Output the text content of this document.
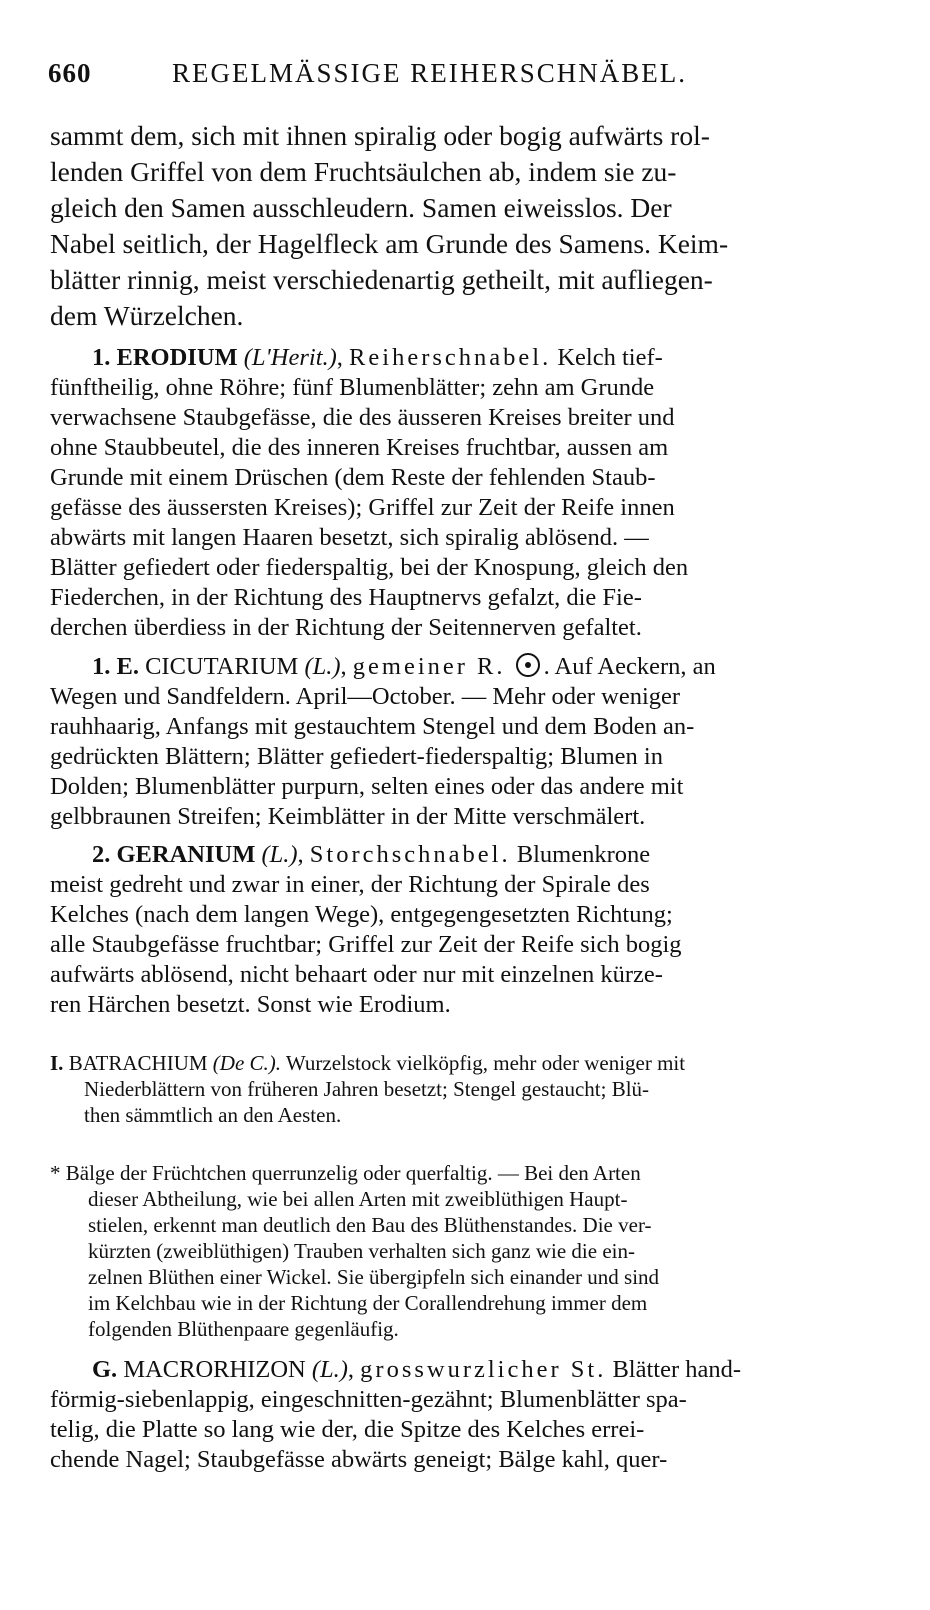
660	REGELMÄSSIGE REIHERSCHNÄBEL.
sammt dem, sich mit ihnen spiralig oder bogig aufwärts rol-
lenden Griffel von dem Fruchtsäulchen ab, indem sie zu-
gleich den Samen ausschleudern. Samen eiweisslos. Der
Nabel seitlich, der Hagelfleck am Grunde des Samens. Keim-
blätter rinnig, meist verschiedenartig getheilt, mit aufliegen-
dem Würzelchen.
1. ERODIUM (L'Herit.), Reiherschnabel. Kelch tief-
fünftheilig, ohne Röhre; fünf Blumenblätter; zehn am Grunde
verwachsene Staubgefässe, die des äusseren Kreises breiter und
ohne Staubbeutel, die des inneren Kreises fruchtbar, aussen am
Grunde mit einem Drüschen (dem Reste der fehlenden Staub-
gefässe des äussersten Kreises); Griffel zur Zeit der Reife innen
abwärts mit langen Haaren besetzt, sich spiralig ablösend. —
Blätter gefiedert oder fiederspaltig, bei der Knospung, gleich den
Fiederchen, in der Richtung des Hauptnervs gefalzt, die Fie-
derchen überdiess in der Richtung der Seitennerven gefaltet.
1. E. CICUTARIUM (L.), gemeiner R. . Auf Aeckern, an
Wegen und Sandfeldern. April—October. — Mehr oder weniger
rauhhaarig, Anfangs mit gestauchtem Stengel und dem Boden an-
gedrückten Blättern; Blätter gefiedert-fiederspaltig; Blumen in
Dolden; Blumenblätter purpurn, selten eines oder das andere mit
gelbbraunen Streifen; Keimblätter in der Mitte verschmälert.
2. GERANIUM (L.), Storchschnabel. Blumenkrone
meist gedreht und zwar in einer, der Richtung der Spirale des
Kelches (nach dem langen Wege), entgegengesetzten Richtung;
alle Staubgefässe fruchtbar; Griffel zur Zeit der Reife sich bogig
aufwärts ablösend, nicht behaart oder nur mit einzelnen kürze-
ren Härchen besetzt. Sonst wie Erodium.
I. BATRACHIUM (De C.). Wurzelstock vielköpfig, mehr oder weniger mit
Niederblättern von früheren Jahren besetzt; Stengel gestaucht; Blü-
then sämmtlich an den Aesten.
* Bälge der Früchtchen querrunzelig oder querfaltig. — Bei den Arten
dieser Abtheilung, wie bei allen Arten mit zweiblüthigen Haupt-
stielen, erkennt man deutlich den Bau des Blüthenstandes. Die ver-
kürzten (zweiblüthigen) Trauben verhalten sich ganz wie die ein-
zelnen Blüthen einer Wickel. Sie übergipfeln sich einander und sind
im Kelchbau wie in der Richtung der Corallendrehung immer dem
folgenden Blüthenpaare gegenläufig.
G. MACRORHIZON (L.), grosswurzlicher St. Blätter hand-
förmig-siebenlappig, eingeschnitten-gezähnt; Blumenblätter spa-
telig, die Platte so lang wie der, die Spitze des Kelches errei-
chende Nagel; Staubgefässe abwärts geneigt; Bälge kahl, quer-
